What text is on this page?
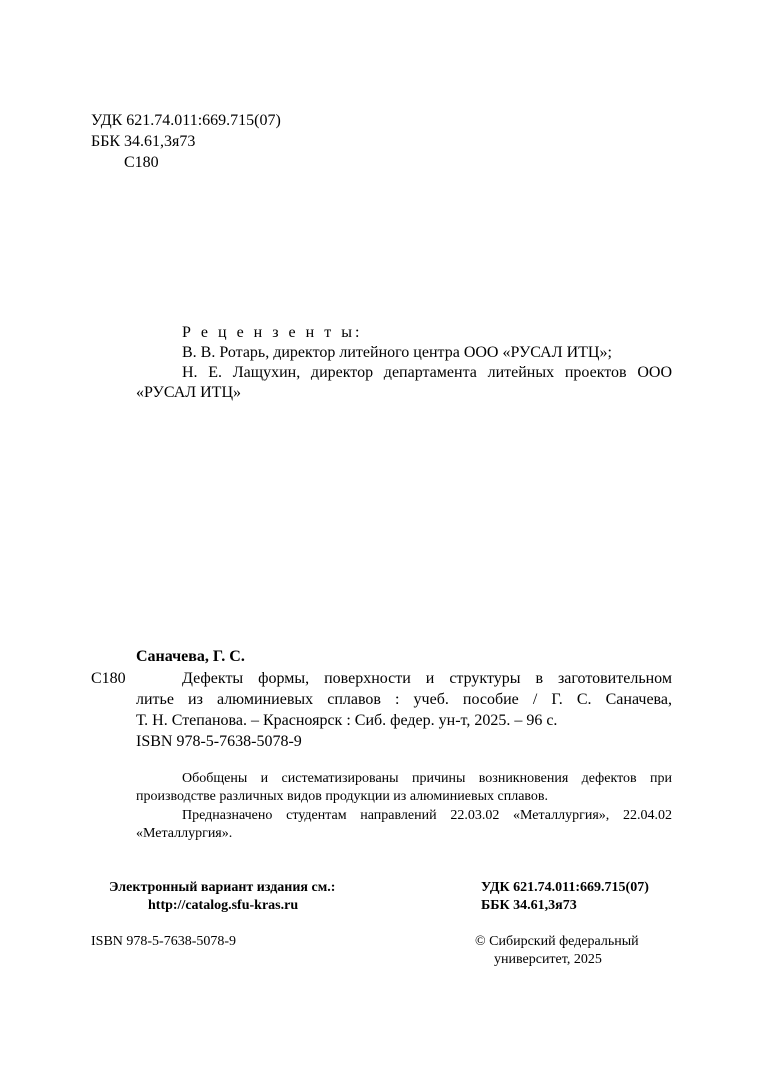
УДК 621.74.011:669.715(07)
ББК 34.61,3я73
С180
Р е ц е н з е н т ы:
В. В. Ротарь, директор литейного центра ООО «РУСАЛ ИТЦ»;
Н. Е. Лащухин, директор департамента литейных проектов ООО
«РУСАЛ ИТЦ»
Саначева, Г. С.
С180	Дефекты формы, поверхности и структуры в заготовительном
литье из алюминиевых сплавов : учеб. пособие / Г. С. Саначева,
Т. Н. Степанова. – Красноярск : Сиб. федер. ун-т, 2025. – 96 с.
ISBN 978-5-7638-5078-9
Обобщены и систематизированы причины возникновения дефектов при
производстве различных видов продукции из алюминиевых сплавов.
Предназначено студентам направлений 22.03.02 «Металлургия», 22.04.02
«Металлургия».
Электронный вариант издания см.:
http://catalog.sfu-kras.ru
УДК 621.74.011:669.715(07)
ББК 34.61,3я73
ISBN 978-5-7638-5078-9	© Сибирский федеральный
университет, 2025
